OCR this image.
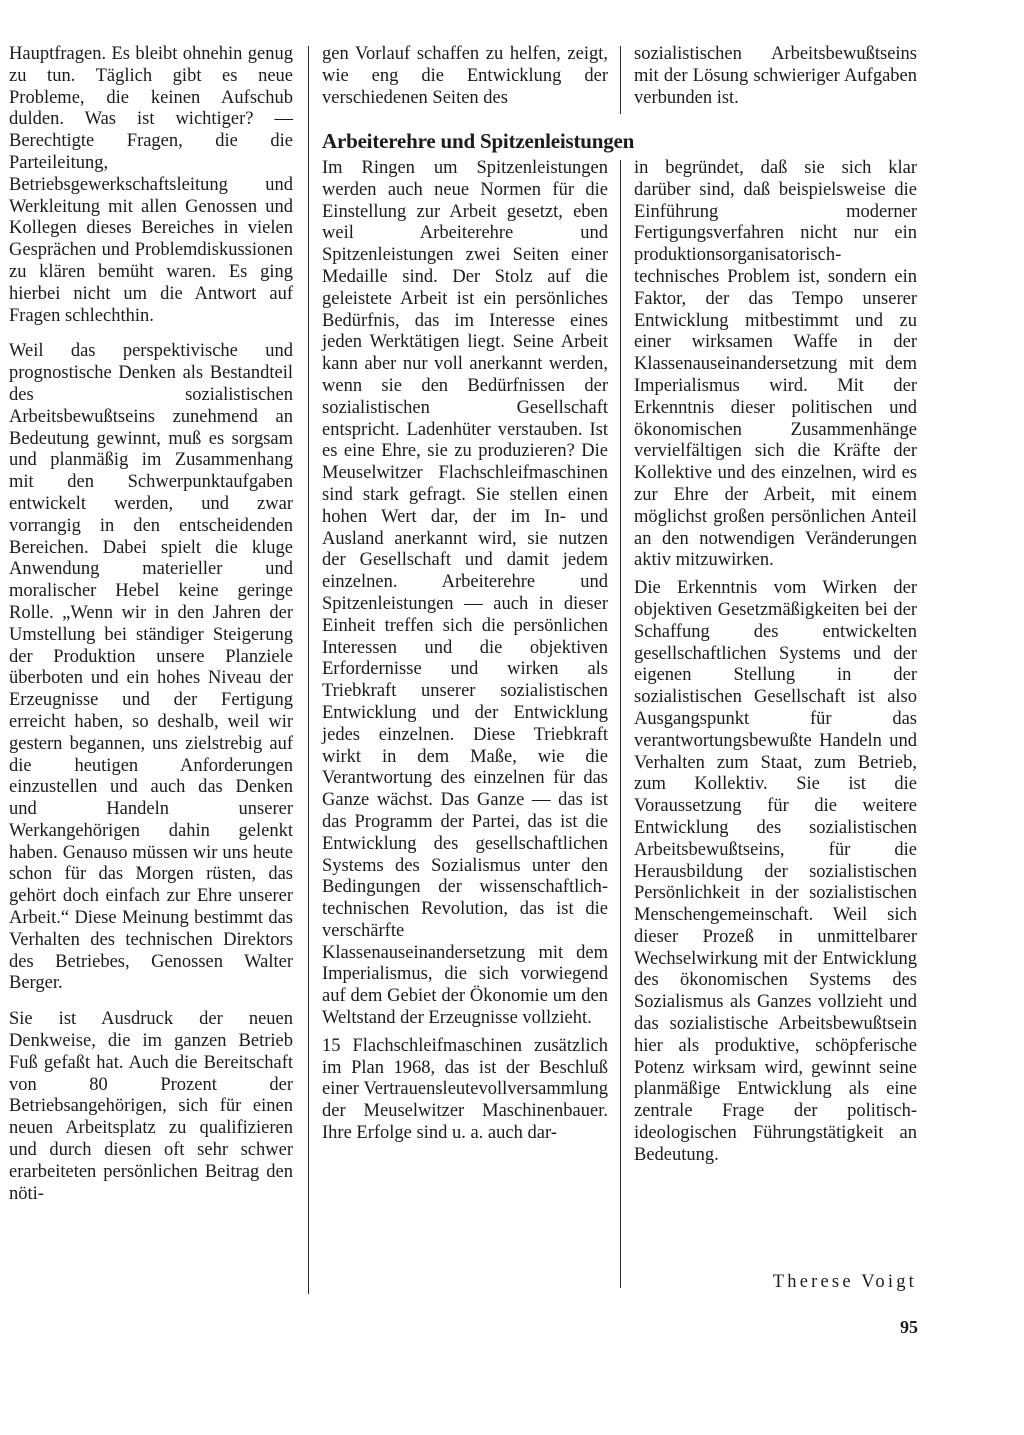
Hauptfragen. Es bleibt ohnehin genug zu tun. Täglich gibt es neue Probleme, die keinen Aufschub dulden. Was ist wichtiger? — Berechtigte Fragen, die die Parteileitung, Betriebsgewerkschaftsleitung und Werkleitung mit allen Genossen und Kollegen dieses Bereiches in vielen Gesprächen und Problemdiskussionen zu klären bemüht waren. Es ging hierbei nicht um die Antwort auf Fragen schlechthin.

Weil das perspektivische und prognostische Denken als Bestandteil des sozialistischen Arbeitsbewußtseins zunehmend an Bedeutung gewinnt, muß es sorgsam und planmäßig im Zusammenhang mit den Schwerpunktaufgaben entwickelt werden, und zwar vorrangig in den entscheidenden Bereichen. Dabei spielt die kluge Anwendung materieller und moralischer Hebel keine geringe Rolle. „Wenn wir in den Jahren der Umstellung bei ständiger Steigerung der Produktion unsere Planziele überboten und ein hohes Niveau der Erzeugnisse und der Fertigung erreicht haben, so deshalb, weil wir gestern begannen, uns zielstrebig auf die heutigen Anforderungen einzustellen und auch das Denken und Handeln unserer Werkangehörigen dahin gelenkt haben. Genauso müssen wir uns heute schon für das Morgen rüsten, das gehört doch einfach zur Ehre unserer Arbeit.“ Diese Meinung bestimmt das Verhalten des technischen Direktors des Betriebes, Genossen Walter Berger.

Sie ist Ausdruck der neuen Denkweise, die im ganzen Betrieb Fuß gefaßt hat. Auch die Bereitschaft von 80 Prozent der Betriebsangehörigen, sich für einen neuen Arbeitsplatz zu qualifizieren und durch diesen oft sehr schwer erarbeiteten persönlichen Beitrag den nöti-

gen Vorlauf schaffen zu helfen, zeigt, wie eng die Entwicklung der verschiedenen Seiten des

sozialistischen Arbeitsbewußtseins mit der Lösung schwieriger Aufgaben verbunden ist.

Arbeiterehre und Spitzenleistungen

Im Ringen um Spitzenleistungen werden auch neue Normen für die Einstellung zur Arbeit gesetzt, eben weil Arbeiterehre und Spitzenleistungen zwei Seiten einer Medaille sind. Der Stolz auf die geleistete Arbeit ist ein persönliches Bedürfnis, das im Interesse eines jeden Werktätigen liegt. Seine Arbeit kann aber nur voll anerkannt werden, wenn sie den Bedürfnissen der sozialistischen Gesellschaft entspricht. Ladenhüter verstauben. Ist es eine Ehre, sie zu produzieren? Die Meuselwitzer Flachschleifmaschinen sind stark gefragt. Sie stellen einen hohen Wert dar, der im In- und Ausland anerkannt wird, sie nutzen der Gesellschaft und damit jedem einzelnen. Arbeiterehre und Spitzenleistungen — auch in dieser Einheit treffen sich die persönlichen Interessen und die objektiven Erfordernisse und wirken als Triebkraft unserer sozialistischen Entwicklung und der Entwicklung jedes einzelnen. Diese Triebkraft wirkt in dem Maße, wie die Verantwortung des einzelnen für das Ganze wächst. Das Ganze — das ist das Programm der Partei, das ist die Entwicklung des gesellschaftlichen Systems des Sozialismus unter den Bedingungen der wissenschaftlich-technischen Revolution, das ist die verschärfte Klassenauseinandersetzung mit dem Imperialismus, die sich vorwiegend auf dem Gebiet der Ökonomie um den Weltstand der Erzeugnisse vollzieht.

15 Flachschleifmaschinen zusätzlich im Plan 1968, das ist der Beschluß einer Vertrauensleutevollversammlung der Meuselwitzer Maschinenbauer. Ihre Erfolge sind u. a. auch dar-

in begründet, daß sie sich klar darüber sind, daß beispielsweise die Einführung moderner Fertigungsverfahren nicht nur ein produktionsorganisatorisch-technisches Problem ist, sondern ein Faktor, der das Tempo unserer Entwicklung mitbestimmt und zu einer wirksamen Waffe in der Klassenauseinandersetzung mit dem Imperialismus wird. Mit der Erkenntnis dieser politischen und ökonomischen Zusammenhänge vervielfältigen sich die Kräfte der Kollektive und des einzelnen, wird es zur Ehre der Arbeit, mit einem möglichst großen persönlichen Anteil an den notwendigen Veränderungen aktiv mitzuwirken.

Die Erkenntnis vom Wirken der objektiven Gesetzmäßigkeiten bei der Schaffung des entwickelten gesellschaftlichen Systems und der eigenen Stellung in der sozialistischen Gesellschaft ist also Ausgangspunkt für das verantwortungsbewußte Handeln und Verhalten zum Staat, zum Betrieb, zum Kollektiv. Sie ist die Voraussetzung für die weitere Entwicklung des sozialistischen Arbeitsbewußtseins, für die Herausbildung der sozialistischen Persönlichkeit in der sozialistischen Menschengemeinschaft. Weil sich dieser Prozeß in unmittelbarer Wechselwirkung mit der Entwicklung des ökonomischen Systems des Sozialismus als Ganzes vollzieht und das sozialistische Arbeitsbewußtsein hier als produktive, schöpferische Potenz wirksam wird, gewinnt seine planmäßige Entwicklung als eine zentrale Frage der politisch-ideologischen Führungstätigkeit an Bedeutung.

Therese Voigt
95
